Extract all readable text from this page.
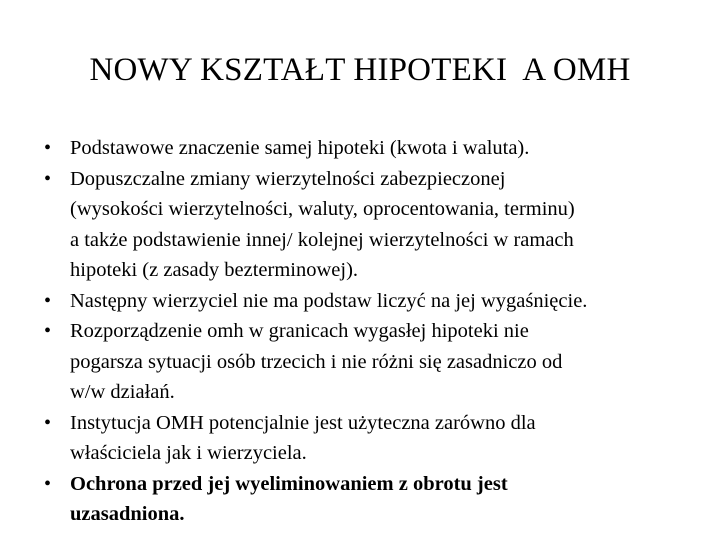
NOWY KSZTAŁT HIPOTEKI  A OMH
• Podstawowe znaczenie samej hipoteki (kwota i waluta).
• Dopuszczalne zmiany wierzytelności zabezpieczonej
(wysokości wierzytelności, waluty, oprocentowania, terminu)
a także podstawienie innej/ kolejnej wierzytelności w ramach
hipoteki (z zasady bezterminowej).
• Następny wierzyciel nie ma podstaw liczyć na jej wygaśnięcie.
• Rozporządzenie omh w granicach wygasłej hipoteki nie
pogarsza sytuacji osób trzecich i nie różni się zasadniczo od
w/w działań.
• Instytucja OMH potencjalnie jest użyteczna zarówno dla
właściciela jak i wierzyciela.
• Ochrona przed jej wyeliminowaniem z obrotu jest
uzasadniona.
